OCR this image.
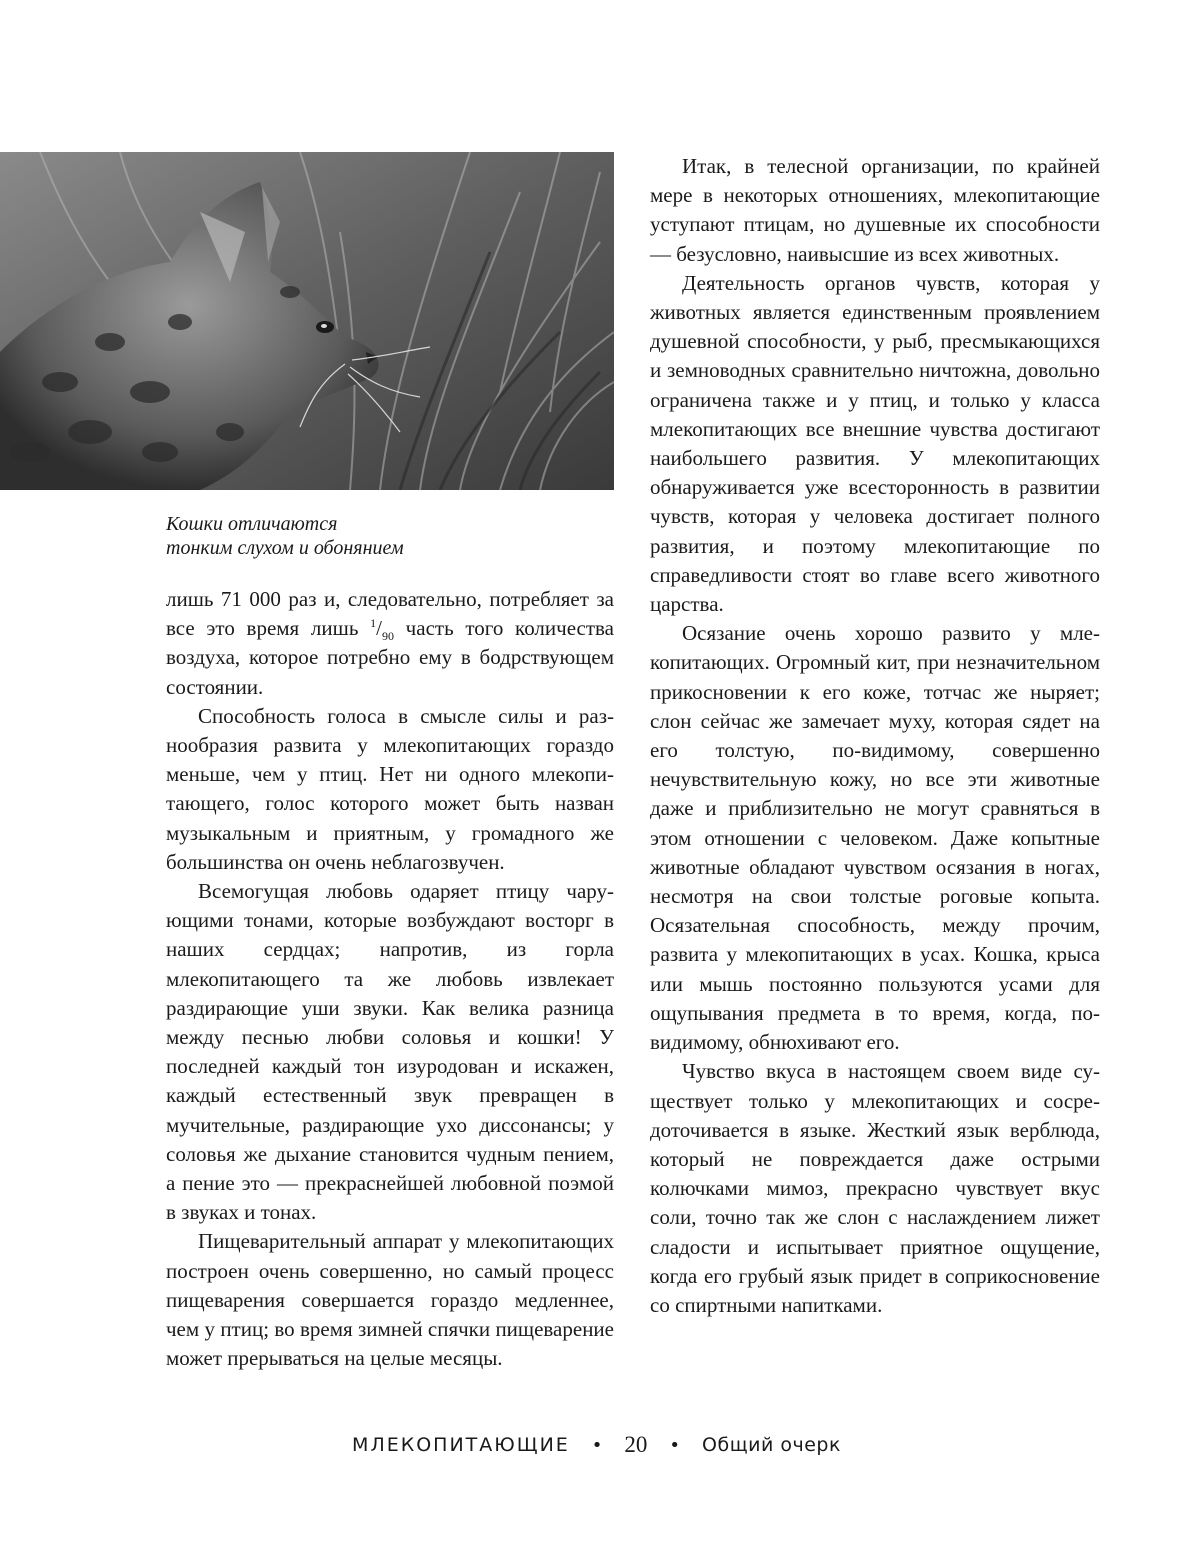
Кошки отличаются
тонким слухом и обонянием

лишь 71 000 раз и, следовательно, потребляет за все это время лишь $^1/_{90}$ часть того количества воздуха, которое потребно ему в бодрствующем состоянии.

Способность голоса в смысле силы и разнообразия развита у млекопитающих гораздо меньше, чем у птиц. Нет ни одного млекопитающего, голос которого может быть назван музыкальным и приятным, у громадного же большинства он очень неблагозвучен.

Всемогущая любовь одаряет птицу чарующими тонами, которые возбуждают восторг в наших сердцах; напротив, из горла млекопитающего та же любовь извлекает раздирающие уши звуки. Как велика разница между песнью любви соловья и кошки! У последней каждый тон изуродован и искажен, каждый естественный звук превращен в мучительные, раздирающие ухо диссонансы; у соловья же дыхание становится чудным пением, а пение это — прекраснейшей любовной поэмой в звуках и тонах.

Пищеварительный аппарат у млекопитающих построен очень совершенно, но самый процесс пищеварения совершается гораздо медленнее, чем у птиц; во время зимней спячки пищеварение может прерываться на целые месяцы.

Итак, в телесной организации, по крайней мере в некоторых отношениях, млекопитающие уступают птицам, но душевные их способности — безусловно, наивысшие из всех животных.

Деятельность органов чувств, которая у животных является единственным проявлением душевной способности, у рыб, пресмыкающихся и земноводных сравнительно ничтожна, довольно ограничена также и у птиц, и только у класса млекопитающих все внешние чувства достигают наибольшего развития. У млекопитающих обнаруживается уже всесторонность в развитии чувств, которая у человека достигает полного развития, и поэтому млекопитающие по справедливости стоят во главе всего животного царства.

Осязание очень хорошо развито у млекопитающих. Огромный кит, при незначительном прикосновении к его коже, тотчас же ныряет; слон сейчас же замечает муху, которая сядет на его толстую, по-видимому, совершенно нечувствительную кожу, но все эти животные даже и приблизительно не могут сравняться в этом отношении с человеком. Даже копытные животные обладают чувством осязания в ногах, несмотря на свои толстые роговые копыта. Осязательная способность, между прочим, развита у млекопитающих в усах. Кошка, крыса или мышь постоянно пользуются усами для ощупывания предмета в то время, когда, по-видимому, обнюхивают его.

Чувство вкуса в настоящем своем виде существует только у млекопитающих и сосредоточивается в языке. Жесткий язык верблюда, который не повреждается даже острыми колючками мимоз, прекрасно чувствует вкус соли, точно так же слон с наслаждением лижет сладости и испытывает приятное ощущение, когда его грубый язык придет в соприкосновение со спиртными напитками.

МЛЕКОПИТАЮЩИЕ • 20 • Общий очерк
